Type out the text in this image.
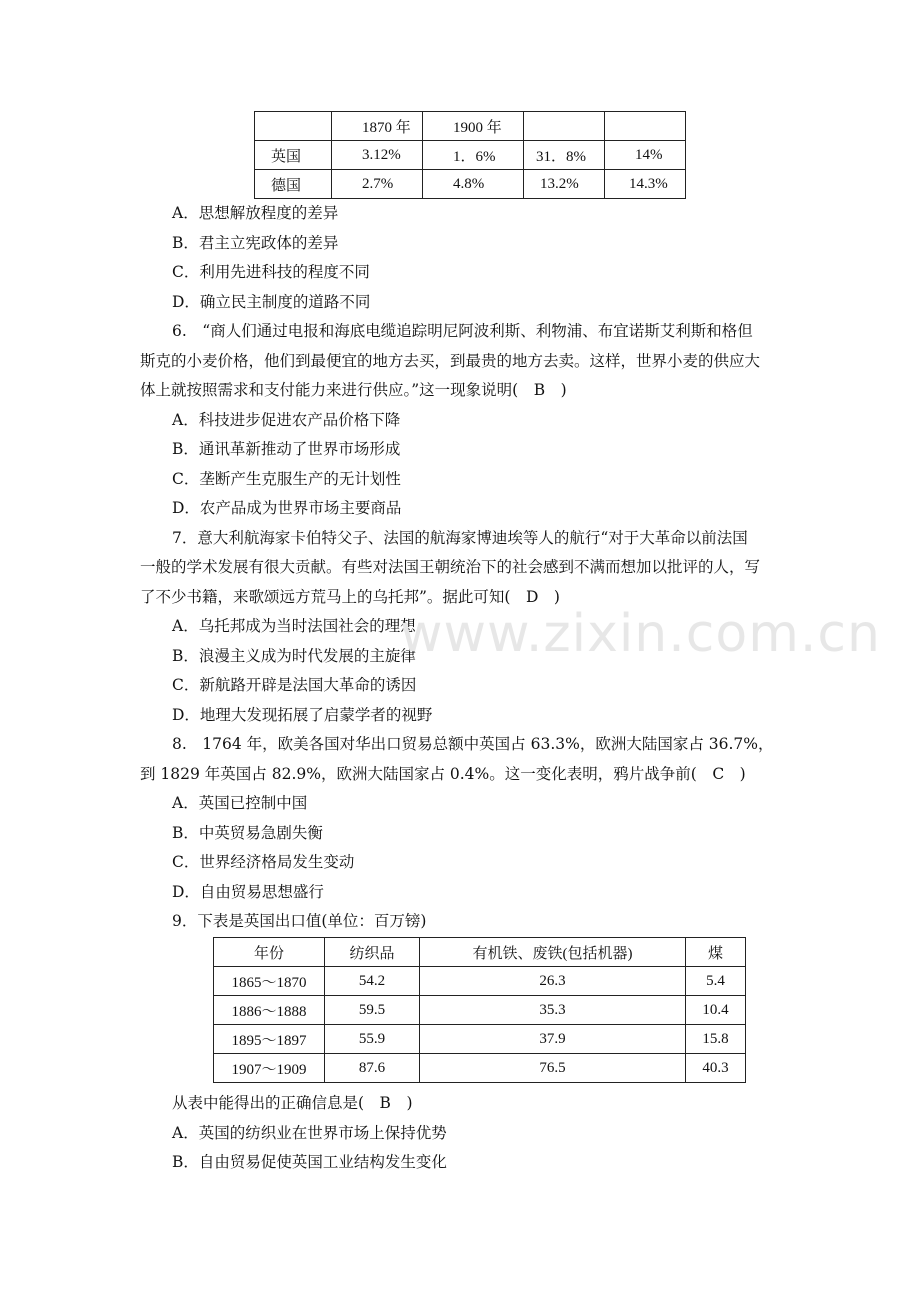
	1870 年	1900 年		
英国	3.12%	1．6%	31．8%	14%
德国	2.7%	4.8%	13.2%	14.3%
A．思想解放程度的差异
B．君主立宪政体的差异
C．利用先进科技的程度不同
D．确立民主制度的道路不同
6.　“商人们通过电报和海底电缆追踪明尼阿波利斯、利物浦、布宜诺斯艾利斯和格但
斯克的小麦价格，他们到最便宜的地方去买，到最贵的地方去卖。这样，世界小麦的供应大
体上就按照需求和支付能力来进行供应。”这一现象说明(　B　)
A．科技进步促进农产品价格下降
B．通讯革新推动了世界市场形成
C．垄断产生克服生产的无计划性
D．农产品成为世界市场主要商品
7．意大利航海家卡伯特父子、法国的航海家博迪埃等人的航行“对于大革命以前法国
一般的学术发展有很大贡献。有些对法国王朝统治下的社会感到不满而想加以批评的人，写
了不少书籍，来歌颂远方荒马上的乌托邦”。据此可知(　D　)
A．乌托邦成为当时法国社会的理想
B．浪漫主义成为时代发展的主旋律
C．新航路开辟是法国大革命的诱因
D．地理大发现拓展了启蒙学者的视野
8.　1764 年，欧美各国对华出口贸易总额中英国占 63.3%，欧洲大陆国家占 36.7%，
到 1829 年英国占 82.9%，欧洲大陆国家占 0.4%。这一变化表明，鸦片战争前(　C　)
A．英国已控制中国
B．中英贸易急剧失衡
C．世界经济格局发生变动
D．自由贸易思想盛行
9．下表是英国出口值(单位：百万镑)
年份	纺织品	有机铁、废铁(包括机器)	煤
1865～1870	54.2	26.3	5.4
1886～1888	59.5	35.3	10.4
1895～1897	55.9	37.9	15.8
1907～1909	87.6	76.5	40.3
从表中能得出的正确信息是(　B　)
A．英国的纺织业在世界市场上保持优势
B．自由贸易促使英国工业结构发生变化
www.zixin.com.cn
